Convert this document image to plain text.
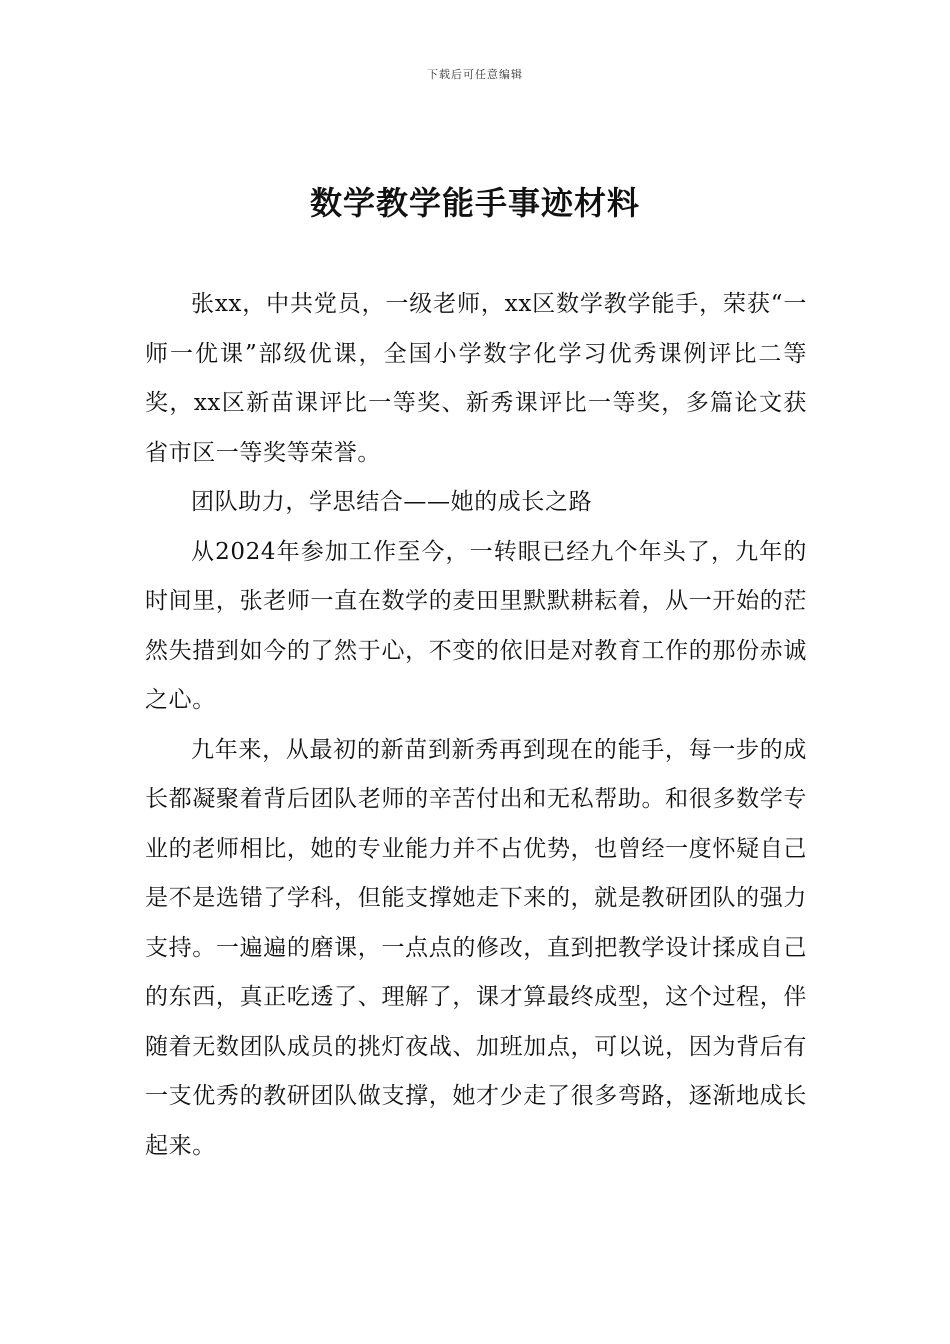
下载后可任意编辑
数学教学能手事迹材料

张xx，中共党员，一级老师，xx区数学教学能手，荣获“一师一优课”部级优课，全国小学数字化学习优秀课例评比二等奖，xx区新苗课评比一等奖、新秀课评比一等奖，多篇论文获省市区一等奖等荣誉。

团队助力，学思结合——她的成长之路

从2024年参加工作至今，一转眼已经九个年头了，九年的时间里，张老师一直在数学的麦田里默默耕耘着，从一开始的茫然失措到如今的了然于心，不变的依旧是对教育工作的那份赤诚之心。

九年来，从最初的新苗到新秀再到现在的能手，每一步的成长都凝聚着背后团队老师的辛苦付出和无私帮助。和很多数学专业的老师相比，她的专业能力并不占优势，也曾经一度怀疑自己是不是选错了学科，但能支撑她走下来的，就是教研团队的强力支持。一遍遍的磨课，一点点的修改，直到把教学设计揉成自己的东西，真正吃透了、理解了，课才算最终成型，这个过程，伴随着无数团队成员的挑灯夜战、加班加点，可以说，因为背后有一支优秀的教研团队做支撑，她才少走了很多弯路，逐渐地成长起来。
